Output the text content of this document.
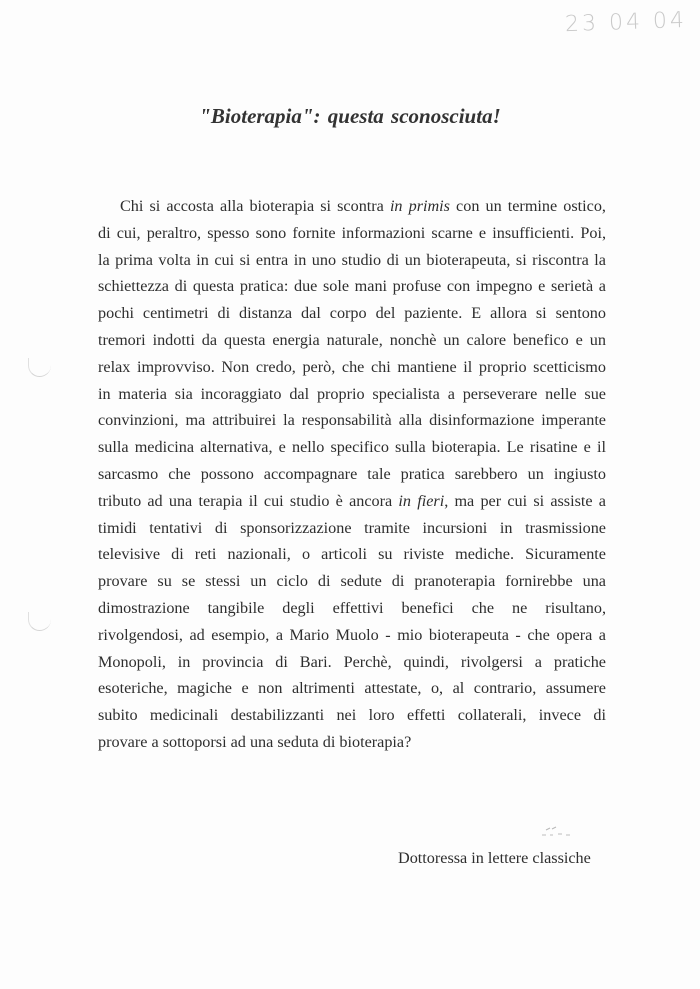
23 04 04
"Bioterapia": questa sconosciuta!
Chi si accosta alla bioterapia si scontra in primis con un termine ostico,
di cui, peraltro, spesso sono fornite informazioni scarne e insufficienti. Poi,
la prima volta in cui si entra in uno studio di un bioterapeuta, si riscontra la
schiettezza di questa pratica: due sole mani profuse con impegno e serietà a
pochi centimetri di distanza dal corpo del paziente. E allora si sentono
tremori indotti da questa energia naturale, nonchè un calore benefico e un
relax improvviso. Non credo, però, che chi mantiene il proprio scetticismo
in materia sia incoraggiato dal proprio specialista a perseverare nelle sue
convinzioni, ma attribuirei la responsabilità alla disinformazione imperante
sulla medicina alternativa, e nello specifico sulla bioterapia. Le risatine e il
sarcasmo che possono accompagnare tale pratica sarebbero un ingiusto
tributo ad una terapia il cui studio è ancora in fieri, ma per cui si assiste a
timidi tentativi di sponsorizzazione tramite incursioni in trasmissione
televisive di reti nazionali, o articoli su riviste mediche. Sicuramente
provare su se stessi un ciclo di sedute di pranoterapia fornirebbe una
dimostrazione tangibile degli effettivi benefici che ne risultano,
rivolgendosi, ad esempio, a Mario Muolo - mio bioterapeuta - che opera a
Monopoli, in provincia di Bari. Perchè, quindi, rivolgersi a pratiche
esoteriche, magiche e non altrimenti attestate, o, al contrario, assumere
subito medicinali destabilizzanti nei loro effetti collaterali, invece di
provare a sottoporsi ad una seduta di bioterapia?
Dottoressa in lettere classiche
